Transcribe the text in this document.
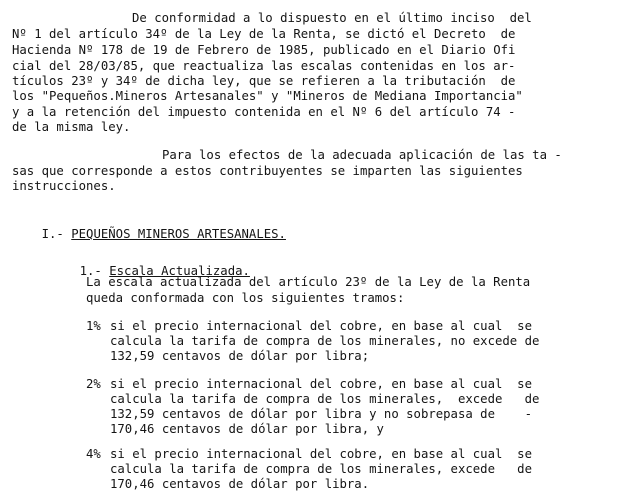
De conformidad a lo dispuesto en el último inciso  del
Nº 1 del artículo 34º de la Ley de la Renta, se dictó el Decreto  de
Hacienda Nº 178 de 19 de Febrero de 1985, publicado en el Diario Ofi
cial del 28/03/85, que reactualiza las escalas contenidas en los ar-
tículos 23º y 34º de dicha ley, que se refieren a la tributación  de
los "Pequeños.Mineros Artesanales" y "Mineros de Mediana Importancia"
y a la retención del impuesto contenida en el Nº 6 del artículo 74 -
de la misma ley.
Para los efectos de la adecuada aplicación de las ta -
sas que corresponde a estos contribuyentes se imparten las siguientes
instrucciones.

I.- PEQUEÑOS MINEROS ARTESANALES.

1.- Escala Actualizada.

La escala actualizada del artículo 23º de la Ley de la Renta
queda conformada con los siguientes tramos:
1% si el precio internacional del cobre, en base al cual  se
calcula la tarifa de compra de los minerales, no excede de
132,59 centavos de dólar por libra;
2% si el precio internacional del cobre, en base al cual  se
calcula la tarifa de compra de los minerales,  excede   de
132,59 centavos de dólar por libra y no sobrepasa de    -
170,46 centavos de dólar por libra, y
4% si el precio internacional del cobre, en base al cual  se
calcula la tarifa de compra de los minerales, excede   de
170,46 centavos de dólar por libra.
